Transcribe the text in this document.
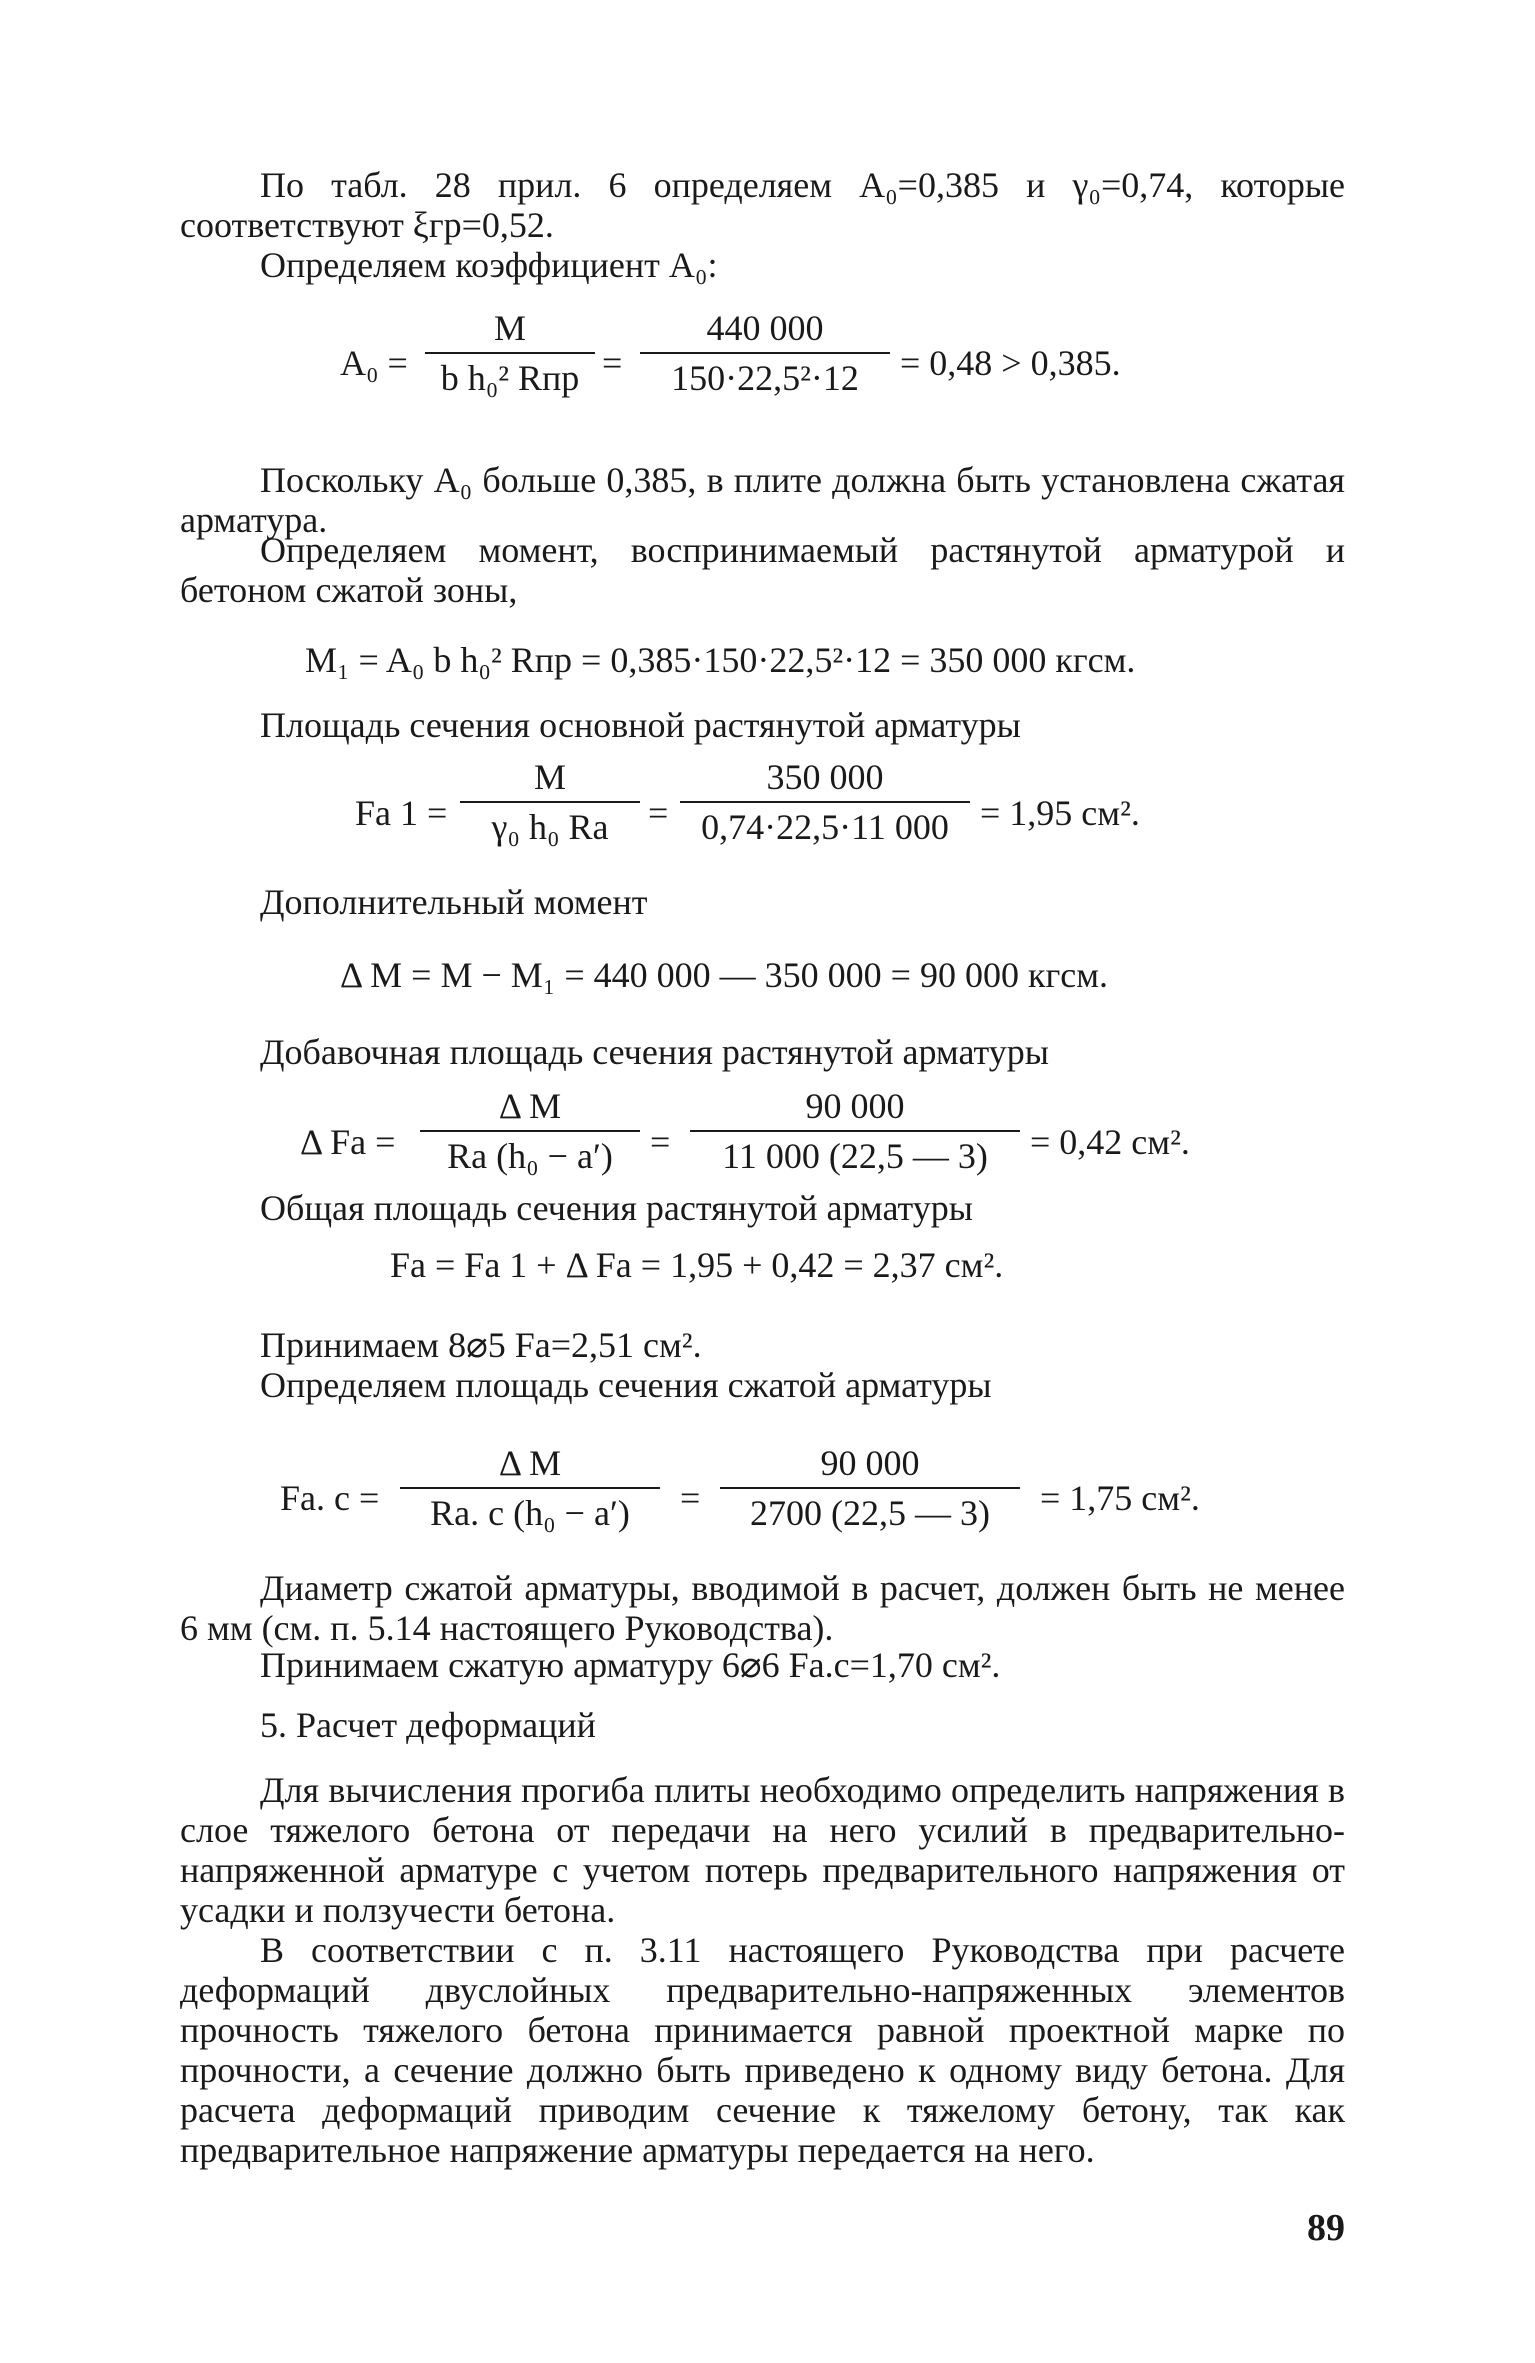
По табл. 28 прил. 6 определяем A₀=0,385 и γ₀=0,74, которые соответствуют ξгр=0,52.

Определяем коэффициент A₀:

A₀ =
M
b h₀² Rпр =
440 000
150·22,5²·12 = 0,48 > 0,385.

Поскольку A₀ больше 0,385, в плите должна быть установлена сжатая арматура.

Определяем момент, воспринимаемый растянутой арматурой и бетоном сжатой зоны,

M₁ = A₀ b h₀² Rпр = 0,385·150·22,5²·12 = 350 000 кгсм.

Площадь сечения основной растянутой арматуры

Fа 1 =
M
γ₀ h₀ Rа =
350 000
0,74·22,5·11 000 = 1,95 см².

Дополнительный момент

Δ M = M − M₁ = 440 000 — 350 000 = 90 000 кгсм.

Добавочная площадь сечения растянутой арматуры

Δ Fа =
Δ M
Rа (h₀ − a′) =
90 000
11 000 (22,5 — 3) = 0,42 см².

Общая площадь сечения растянутой арматуры

Fа = Fа 1 + Δ Fа = 1,95 + 0,42 = 2,37 см².

Принимаем 8⌀5 Fа=2,51 см².

Определяем площадь сечения сжатой арматуры

Fа. с =
Δ M
Rа. с (h₀ − a′) =
90 000
2700 (22,5 — 3) = 1,75 см².

Диаметр сжатой арматуры, вводимой в расчет, должен быть не менее 6 мм (см. п. 5.14 настоящего Руководства).

Принимаем сжатую арматуру 6⌀6 Fа.с=1,70 см².

5. Расчет деформаций

Для вычисления прогиба плиты необходимо определить напряжения в слое тяжелого бетона от передачи на него усилий в предварительно-напряженной арматуре с учетом потерь предварительного напряжения от усадки и ползучести бетона.

В соответствии с п. 3.11 настоящего Руководства при расчете деформаций двуслойных предварительно-напряженных элементов прочность тяжелого бетона принимается равной проектной марке по прочности, а сечение должно быть приведено к одному виду бетона. Для расчета деформаций приводим сечение к тяжелому бетону, так как предварительное напряжение арматуры передается на него.

89
